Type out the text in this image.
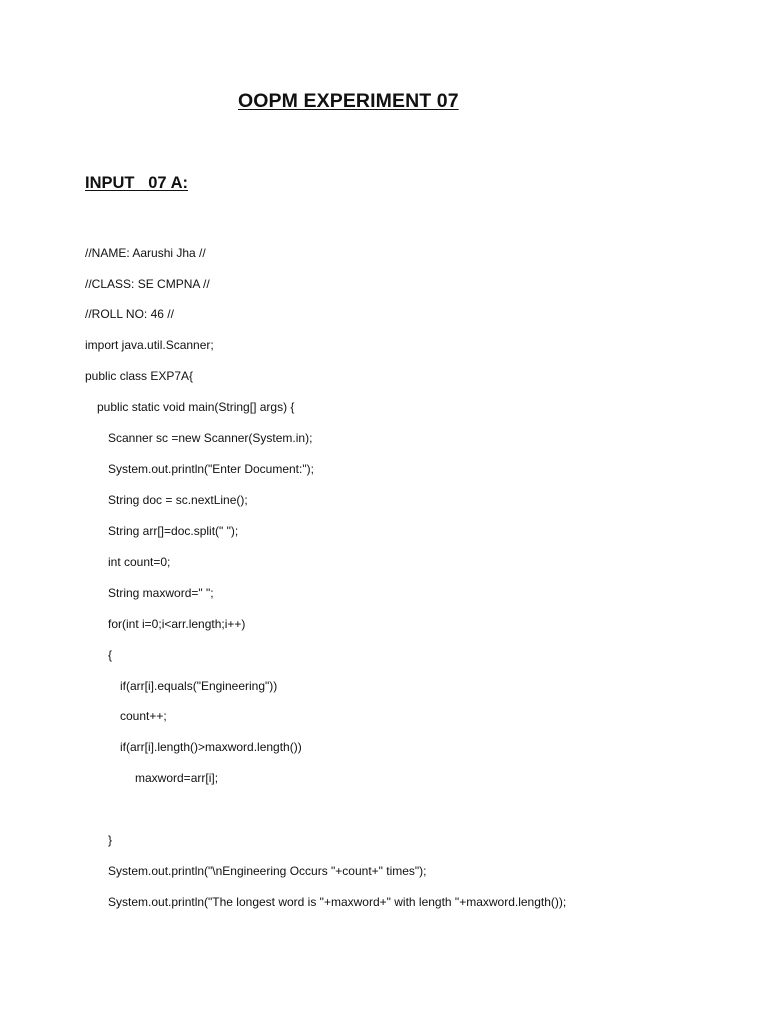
OOPM EXPERIMENT 07
INPUT   07 A:
//NAME: Aarushi Jha //
//CLASS: SE CMPNA //
//ROLL NO: 46 //
import java.util.Scanner;
public class EXP7A{
public static void main(String[] args) {
Scanner sc =new Scanner(System.in);
System.out.println("Enter Document:");
String doc = sc.nextLine();
String arr[]=doc.split(" ");
int count=0;
String maxword=" ";
for(int i=0;i<arr.length;i++)
{
if(arr[i].equals("Engineering"))
count++;
if(arr[i].length()>maxword.length())
maxword=arr[i];
}
System.out.println("\nEngineering Occurs "+count+" times");
System.out.println("The longest word is "+maxword+" with length "+maxword.length());
